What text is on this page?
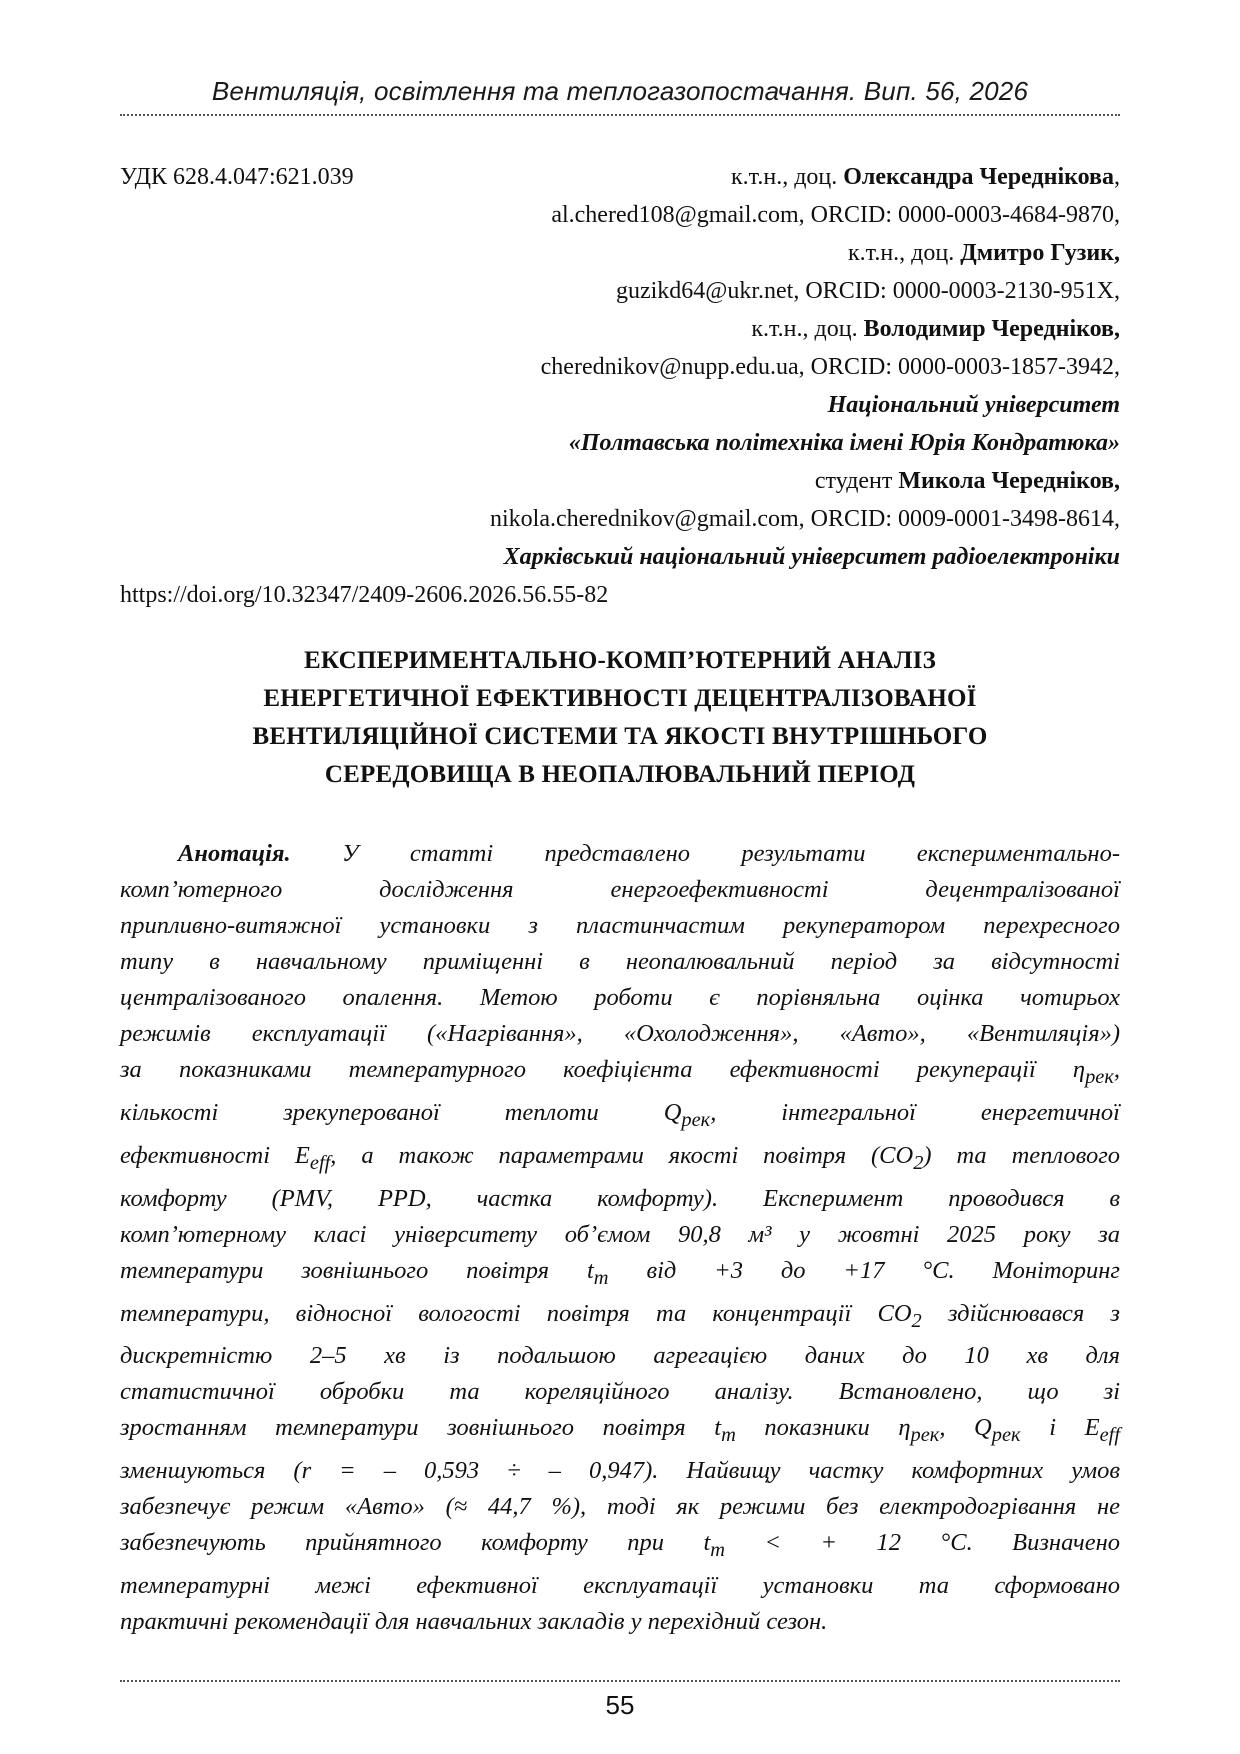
Вентиляція, освітлення та теплогазопостачання. Вип. 56, 2026
УДК 628.4.047:621.039	к.т.н., доц. Олександра Череднікова,
al.chered108@gmail.com, ORCID: 0000-0003-4684-9870,
к.т.н., доц. Дмитро Гузик,
guzikd64@ukr.net, ORCID: 0000-0003-2130-951X,
к.т.н., доц. Володимир Чередніков,
cherednikov@nupp.edu.ua, ORCID: 0000-0003-1857-3942,
Національний університет
«Полтавська політехніка імені Юрія Кондратюка»
студент Микола Чередніков,
nikola.cherednikov@gmail.com, ORCID: 0009-0001-3498-8614,
Харківський національний університет радіоелектроніки
https://doi.org/10.32347/2409-2606.2026.56.55-82
ЕКСПЕРИМЕНТАЛЬНО-КОМП’ЮТЕРНИЙ АНАЛІЗ
ЕНЕРГЕТИЧНОЇ ЕФЕКТИВНОСТІ ДЕЦЕНТРАЛІЗОВАНОЇ
ВЕНТИЛЯЦІЙНОЇ СИСТЕМИ ТА ЯКОСТІ ВНУТРІШНЬОГО
СЕРЕДОВИЩА В НЕОПАЛЮВАЛЬНИЙ ПЕРІОД
Анотація. У статті представлено результати експериментально-
комп’ютерного дослідження енергоефективності децентралізованої
припливно-витяжної установки з пластинчастим рекуператором перехресного
типу в навчальному приміщенні в неопалювальний період за відсутності
централізованого опалення. Метою роботи є порівняльна оцінка чотирьох
режимів експлуатації («Нагрівання», «Охолодження», «Авто», «Вентиляція»)
за показниками температурного коефіцієнта ефективності рекуперації $\eta_{рек}$,
кількості зрекуперованої теплоти $Q_{рек}$, інтегральної енергетичної
ефективності $E_{eff}$, а також параметрами якості повітря $(CO_2)$ та теплового
комфорту (PMV, PPD, частка комфорту). Експеримент проводився в
комп’ютерному класі університету об’ємом 90,8 м³ у жовтні 2025 року за
температури зовнішнього повітря $t_т$ від +3 до +17 °C. Моніторинг
температури, відносної вологості повітря та концентрації $CO_2$ здійснювався з
дискретністю 2–5 хв із подальшою агрегацією даних до 10 хв для
статистичної обробки та кореляційного аналізу. Встановлено, що зі
зростанням температури зовнішнього повітря $t_т$ показники $\eta_{рек}$, $Q_{рек}$ і $E_{eff}$
зменшуються (r = – 0,593 ÷ – 0,947). Найвищу частку комфортних умов
забезпечує режим «Авто» (≈ 44,7 %), тоді як режими без електродогрівання не
забезпечують прийнятного комфорту при $t_т$ < + 12 °C. Визначено
температурні межі ефективної експлуатації установки та сформовано
практичні рекомендації для навчальних закладів у перехідний сезон.
55
